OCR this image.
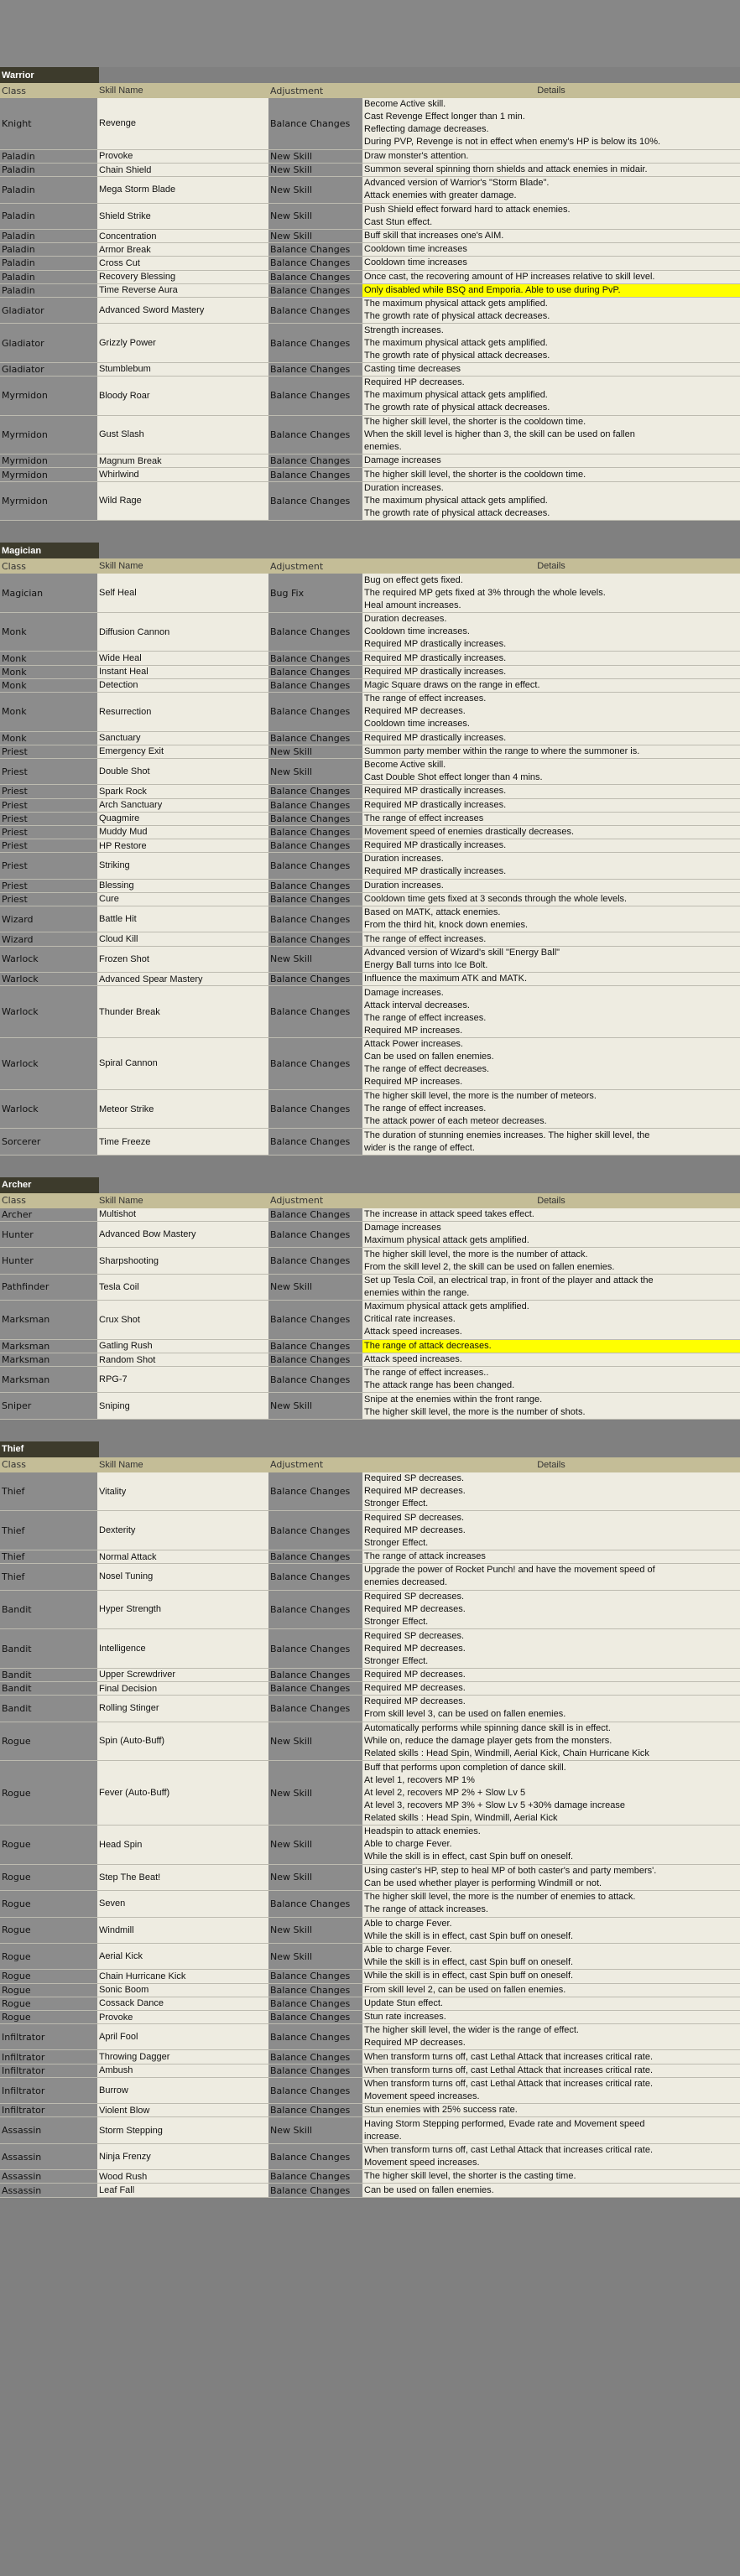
Warrior
Class	Skill Name	Adjustment	Details
Knight	Revenge	Balance Changes
Become Active skill.
Cast Revenge Effect longer than 1 min.
Reflecting damage decreases.
During PVP, Revenge is not in effect when enemy's HP is below its 10%.
Paladin	Provoke	New Skill	Draw monster's attention.
Paladin	Chain Shield	New Skill	Summon several spinning thorn shields and attack enemies in midair.
Paladin	Mega Storm Blade	New Skill
Advanced version of Warrior's "Storm Blade".
Attack enemies with greater damage.
Paladin	Shield Strike	New Skill
Push Shield effect forward hard to attack enemies.
Cast Stun effect.
Paladin	Concentration	New Skill	Buff skill that increases one's AIM.
Paladin	Armor Break	Balance Changes	Cooldown time increases
Paladin	Cross Cut	Balance Changes	Cooldown time increases
Paladin	Recovery Blessing	Balance Changes	Once cast, the recovering amount of HP increases relative to skill level.
Paladin	Time Reverse Aura	Balance Changes	Only disabled while BSQ and Emporia. Able to use during PvP.
Gladiator	Advanced Sword Mastery	Balance Changes
The maximum physical attack gets amplified.
The growth rate of physical attack decreases.
Gladiator	Grizzly Power	Balance Changes
Strength increases.
The maximum physical attack gets amplified.
The growth rate of physical attack decreases.
Gladiator	Stumblebum	Balance Changes	Casting time decreases
Myrmidon	Bloody Roar	Balance Changes
Required HP decreases.
The maximum physical attack gets amplified.
The growth rate of physical attack decreases.
Myrmidon	Gust Slash	Balance Changes
The higher skill level, the shorter is the cooldown time.
When the skill level is higher than 3, the skill can be used on fallen
enemies.
Myrmidon	Magnum Break	Balance Changes	Damage increases
Myrmidon	Whirlwind	Balance Changes	The higher skill level, the shorter is the cooldown time.
Myrmidon	Wild Rage	Balance Changes
Duration increases.
The maximum physical attack gets amplified.
The growth rate of physical attack decreases.
Magician
Class	Skill Name	Adjustment	Details
Magician	Self Heal	Bug Fix
Bug on effect gets fixed.
The required MP gets fixed at 3% through the whole levels.
Heal amount increases.
Monk	Diffusion Cannon	Balance Changes
Duration decreases.
Cooldown time increases.
Required MP drastically increases.
Monk	Wide Heal	Balance Changes	Required MP drastically increases.
Monk	Instant Heal	Balance Changes	Required MP drastically increases.
Monk	Detection	Balance Changes	Magic Square draws on the range in effect.
Monk	Resurrection	Balance Changes
The range of effect increases.
Required MP decreases.
Cooldown time increases.
Monk	Sanctuary	Balance Changes	Required MP drastically increases.
Priest	Emergency Exit	New Skill	Summon party member within the range to where the summoner is.
Priest	Double Shot	New Skill
Become Active skill.
Cast Double Shot effect longer than 4 mins.
Priest	Spark Rock	Balance Changes	Required MP drastically increases.
Priest	Arch Sanctuary	Balance Changes	Required MP drastically increases.
Priest	Quagmire	Balance Changes	The range of effect increases
Priest	Muddy Mud	Balance Changes	Movement speed of enemies drastically decreases.
Priest	HP Restore	Balance Changes	Required MP drastically increases.
Priest	Striking	Balance Changes
Duration increases.
Required MP drastically increases.
Priest	Blessing	Balance Changes	Duration increases.
Priest	Cure	Balance Changes	Cooldown time gets fixed at 3 seconds through the whole levels.
Wizard	Battle Hit	Balance Changes
Based on MATK, attack enemies.
From the third hit, knock down enemies.
Wizard	Cloud Kill	Balance Changes	The range of effect increases.
Warlock	Frozen Shot	New Skill
Advanced version of Wizard's skill "Energy Ball"
Energy Ball turns into Ice Bolt.
Warlock	Advanced Spear Mastery	Balance Changes	Influence the maximum ATK and MATK.
Warlock	Thunder Break	Balance Changes
Damage increases.
Attack interval decreases.
The range of effect increases.
Required MP increases.
Warlock	Spiral Cannon	Balance Changes
Attack Power increases.
Can be used on fallen enemies.
The range of effect decreases.
Required MP increases.
Warlock	Meteor Strike	Balance Changes
The higher skill level, the more is the number of meteors.
The range of effect increases.
The attack power of each meteor decreases.
Sorcerer	Time Freeze	Balance Changes
The duration of stunning enemies increases. The higher skill level, the
wider is the range of effect.
Archer
Class	Skill Name	Adjustment	Details
Archer	Multishot	Balance Changes	The increase in attack speed takes effect.
Hunter	Advanced Bow Mastery	Balance Changes
Damage increases
Maximum physical attack gets amplified.
Hunter	Sharpshooting	Balance Changes
The higher skill level, the more is the number of attack.
From the skill level 2, the skill can be used on fallen enemies.
Pathfinder	Tesla Coil	New Skill
Set up Tesla Coil, an electrical trap, in front of the player and attack the
enemies within the range.
Marksman	Crux Shot	Balance Changes
Maximum physical attack gets amplified.
Critical rate increases.
Attack speed increases.
Marksman	Gatling Rush	Balance Changes	The range of attack decreases.
Marksman	Random Shot	Balance Changes	Attack speed increases.
Marksman	RPG-7	Balance Changes
The range of effect increases..
The attack range has been changed.
Sniper	Sniping	New Skill
Snipe at the enemies within the front range.
The higher skill level, the more is the number of shots.
Thief
Class	Skill Name	Adjustment	Details
Thief	Vitality	Balance Changes
Required SP decreases.
Required MP decreases.
Stronger Effect.
Thief	Dexterity	Balance Changes
Required SP decreases.
Required MP decreases.
Stronger Effect.
Thief	Normal Attack	Balance Changes	The range of attack increases
Thief	Nosel Tuning	Balance Changes
Upgrade the power of Rocket Punch! and have the movement speed of
enemies decreased.
Bandit	Hyper Strength	Balance Changes
Required SP decreases.
Required MP decreases.
Stronger Effect.
Bandit	Intelligence	Balance Changes
Required SP decreases.
Required MP decreases.
Stronger Effect.
Bandit	Upper Screwdriver	Balance Changes	Required MP decreases.
Bandit	Final Decision	Balance Changes	Required MP decreases.
Bandit	Rolling Stinger	Balance Changes
Required MP decreases.
From skill level 3, can be used on fallen enemies.
Rogue	Spin (Auto-Buff)	New Skill
Automatically performs while spinning dance skill is in effect.
While on, reduce the damage player gets from the monsters.
Related skills : Head Spin, Windmill, Aerial Kick, Chain Hurricane Kick
Rogue	Fever (Auto-Buff)	New Skill
Buff that performs upon completion of dance skill.
At level 1, recovers MP 1%
At level 2, recovers MP 2% + Slow Lv 5
At level 3, recovers MP 3% + Slow Lv 5 +30% damage increase
Related skills : Head Spin, Windmill, Aerial Kick
Rogue	Head Spin	New Skill
Headspin to attack enemies.
Able to charge Fever.
While the skill is in effect, cast Spin buff on oneself.
Rogue	Step The Beat!	New Skill
Using caster's HP, step to heal MP of both caster's and party members'.
Can be used whether player is performing Windmill or not.
Rogue	Seven	Balance Changes
The higher skill level, the more is the number of enemies to attack.
The range of attack increases.
Rogue	Windmill	New Skill
Able to charge Fever.
While the skill is in effect, cast Spin buff on oneself.
Rogue	Aerial Kick	New Skill
Able to charge Fever.
While the skill is in effect, cast Spin buff on oneself.
Rogue	Chain Hurricane Kick	Balance Changes	While the skill is in effect, cast Spin buff on oneself.
Rogue	Sonic Boom	Balance Changes	From skill level 2, can be used on fallen enemies.
Rogue	Cossack Dance	Balance Changes	Update Stun effect.
Rogue	Provoke	Balance Changes	Stun rate increases.
Infiltrator	April Fool	Balance Changes
The higher skill level, the wider is the range of effect.
Required MP decreases.
Infiltrator	Throwing Dagger	Balance Changes	When transform turns off, cast Lethal Attack that increases critical rate.
Infiltrator	Ambush	Balance Changes	When transform turns off, cast Lethal Attack that increases critical rate.
Infiltrator	Burrow	Balance Changes
When transform turns off, cast Lethal Attack that increases critical rate.
Movement speed increases.
Infiltrator	Violent Blow	Balance Changes	Stun enemies with 25% success rate.
Assassin	Storm Stepping	New Skill
Having Storm Stepping performed, Evade rate and Movement speed
increase.
Assassin	Ninja Frenzy	Balance Changes
When transform turns off, cast Lethal Attack that increases critical rate.
Movement speed increases.
Assassin	Wood Rush	Balance Changes	The higher skill level, the shorter is the casting time.
Assassin	Leaf Fall	Balance Changes	Can be used on fallen enemies.
